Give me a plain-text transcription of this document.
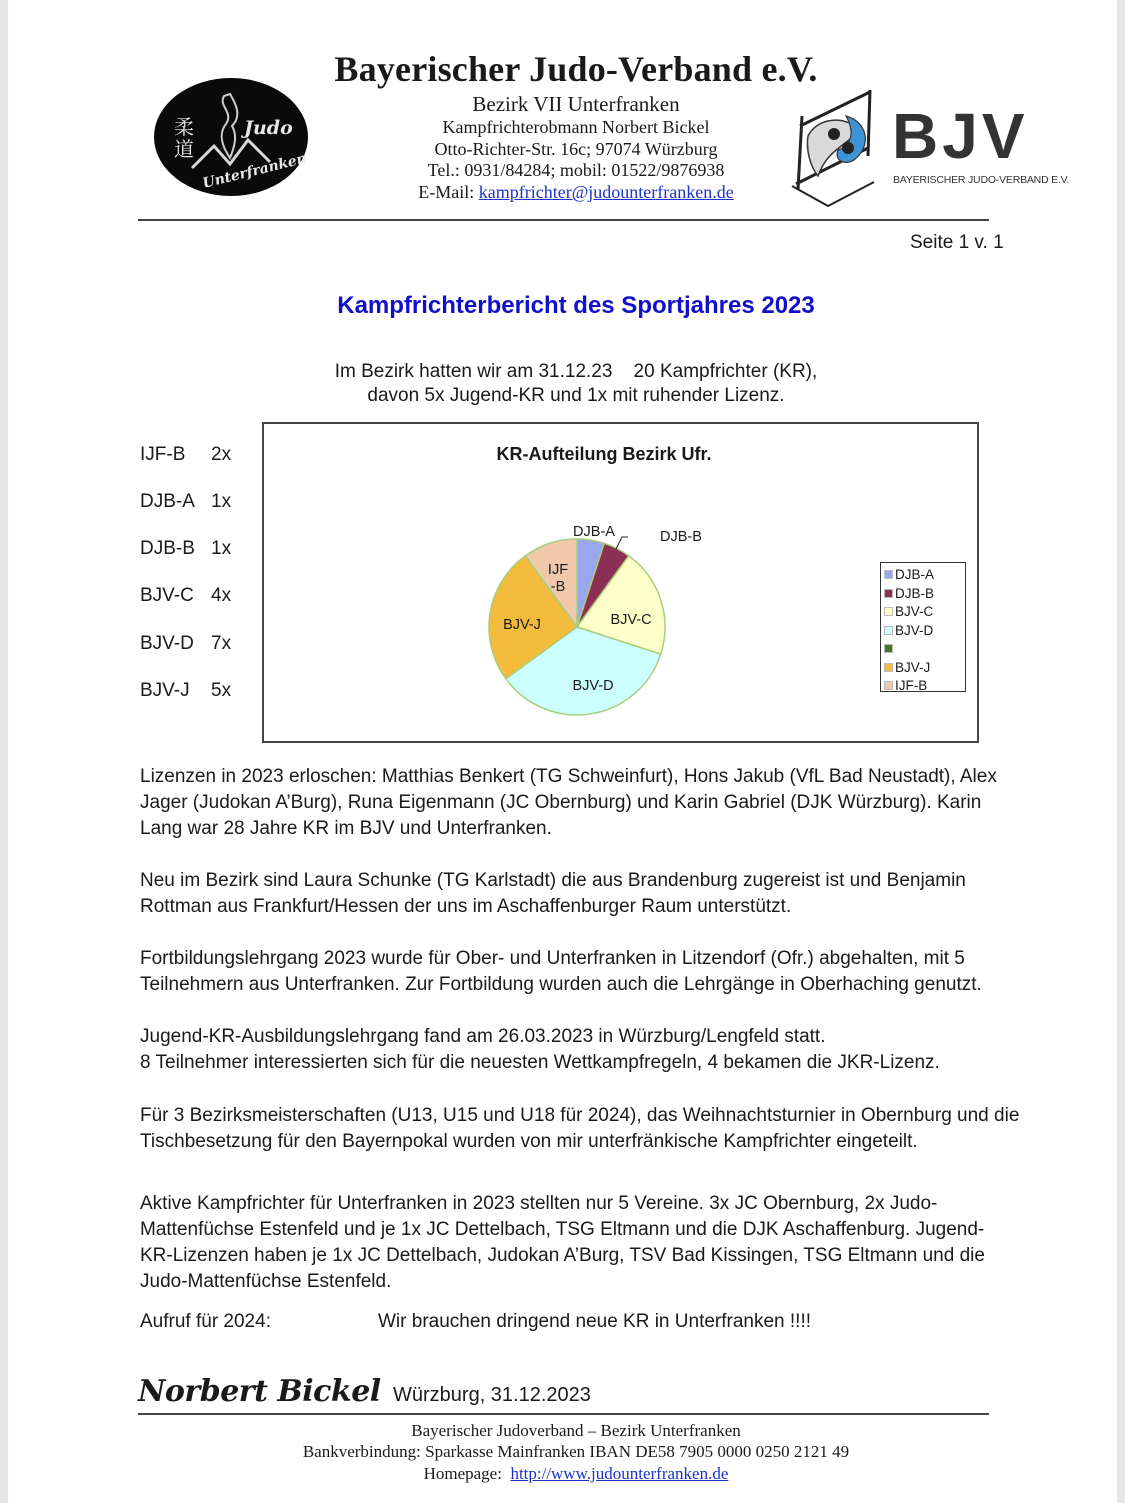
柔
道
Judo
Unterfranken
Bayerischer Judo-Verband e.V.
Bezirk VII Unterfranken
Kampfrichterobmann Norbert Bickel
Otto-Richter-Str. 16c; 97074 Würzburg
Tel.: 0931/84284; mobil: 01522/9876938
E-Mail: kampfrichter@judounterfranken.de
BJV
BAYERISCHER JUDO-VERBAND E.V.
Seite 1 v. 1
Kampfrichterbericht des Sportjahres 2023
Im Bezirk hatten wir am 31.12.23    20 Kampfrichter (KR),
davon 5x Jugend-KR und 1x mit ruhender Lizenz.
IJF-B 2x
DJB-A 1x
DJB-B 1x
BJV-C 4x
BJV-D 7x
BJV-J 5x
KR-Aufteilung Bezirk Ufr.
DJB-A	DJB-B
BJV-C
BJV-D
BJV-J
IJF
-B
DJB-A
DJB-B
BJV-C
BJV-D
BJV-J
IJF-B
Lizenzen in 2023 erloschen: Matthias Benkert (TG Schweinfurt), Hons Jakub (VfL Bad Neustadt), Alex Jager (Judokan A’Burg), Runa Eigenmann (JC Obernburg) und Karin Gabriel (DJK Würzburg). Karin Lang war 28 Jahre KR im BJV und Unterfranken.
Neu im Bezirk sind Laura Schunke (TG Karlstadt) die aus Brandenburg zugereist ist und Benjamin Rottman aus Frankfurt/Hessen der uns im Aschaffenburger Raum unterstützt.
Fortbildungslehrgang 2023 wurde für Ober- und Unterfranken in Litzendorf (Ofr.) abgehalten, mit 5 Teilnehmern aus Unterfranken. Zur Fortbildung wurden auch die Lehrgänge in Oberhaching genutzt.
Jugend-KR-Ausbildungslehrgang fand am 26.03.2023 in Würzburg/Lengfeld statt.
8 Teilnehmer interessierten sich für die neuesten Wettkampfregeln, 4 bekamen die JKR-Lizenz.
Für 3 Bezirksmeisterschaften (U13, U15 und U18 für 2024), das Weihnachtsturnier in Obernburg und die Tischbesetzung für den Bayernpokal wurden von mir unterfränkische Kampfrichter eingeteilt.
Aktive Kampfrichter für Unterfranken in 2023 stellten nur 5 Vereine. 3x JC Obernburg, 2x Judo-Mattenfüchse Estenfeld und je 1x JC Dettelbach, TSG Eltmann und die DJK Aschaffenburg. Jugend-KR-Lizenzen haben je 1x JC Dettelbach, Judokan A’Burg, TSV Bad Kissingen, TSG Eltmann und die Judo-Mattenfüchse Estenfeld.
Aufruf für 2024:	Wir brauchen dringend neue KR in Unterfranken !!!!
Norbert Bickel Würzburg, 31.12.2023
Bayerischer Judoverband – Bezirk Unterfranken
Bankverbindung: Sparkasse Mainfranken IBAN DE58 7905 0000 0250 2121 49
Homepage:  http://www.judounterfranken.de
